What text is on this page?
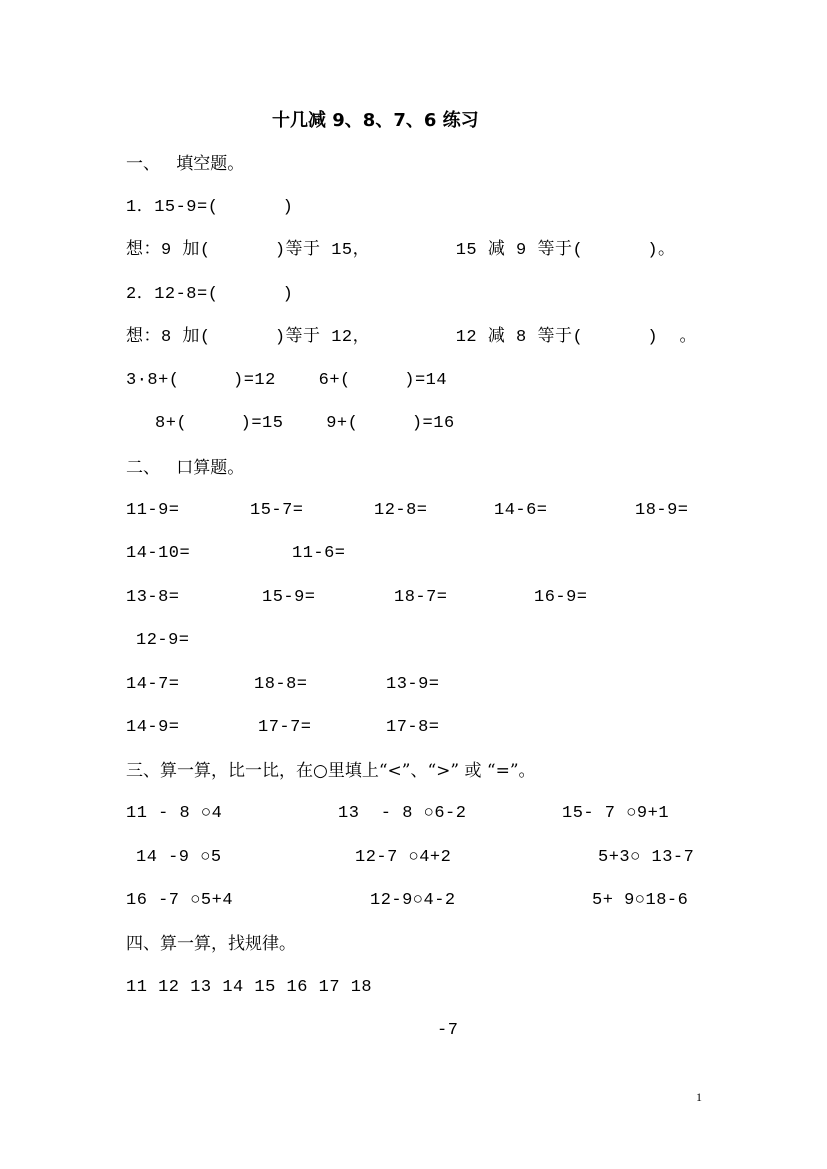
十几减 9、8、7、6 练习
一、   填空题。
1．15-9=(      )
想：9 加(      )等于 15，        15 减 9 等于(      )。
2．12-8=(      )
想：8 加(      )等于 12，        12 减 8 等于(      )  。
3·8+(     )=12    6+(     )=14
8+(     )=15    9+(     )=16
二、   口算题。
11-9=	15-7=	12-8=	14-6=	18-9=
14-10=	11-6=
13-8=	15-9=	18-7=	16-9=
12-9=
14-7=	18-8=	13-9=
14-9=	17-7=	17-8=
三、算一算，比一比，在○里填上“<”、“>” 或 “=”。
11 - 8 ○4	13  - 8 ○6-2	15- 7 ○9+1
14 -9 ○5	12-7 ○4+2	5+3○ 13-7
16 -7 ○5+4	12-9○4-2	5+ 9○18-6
四、算一算，找规律。
11 12 13 14 15 16 17 18
-7
1
